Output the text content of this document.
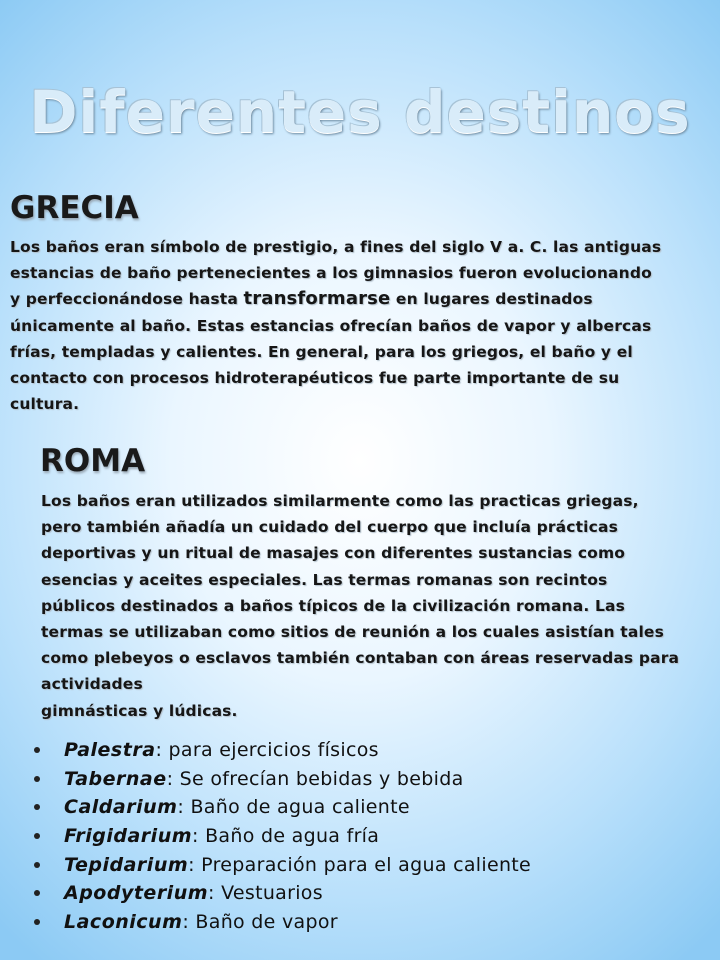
Diferentes destinos
GRECIA

Los baños eran símbolo de prestigio, a fines del siglo V a. C. las antiguas
estancias de baño pertenecientes a los gimnasios fueron evolucionando
y perfeccionándose hasta transformarse en lugares destinados
únicamente al baño. Estas estancias ofrecían baños de vapor y albercas
frías, templadas y calientes. En general, para los griegos, el baño y el
contacto con procesos hidroterapéuticos fue parte importante de su
cultura.

ROMA

Los baños eran utilizados similarmente como las practicas griegas,
pero también añadía un cuidado del cuerpo que incluía prácticas
deportivas y un ritual de masajes con diferentes sustancias como
esencias y aceites especiales. Las termas romanas son recintos
públicos destinados a baños típicos de la civilización romana. Las
termas se utilizaban como sitios de reunión a los cuales asistían tales
como plebeyos o esclavos también contaban con áreas reservadas para
actividades
gimnásticas y lúdicas.

Palestra: para ejercicios físicos
Tabernae: Se ofrecían bebidas y bebida
Caldarium: Baño de agua caliente
Frigidarium: Baño de agua fría
Tepidarium: Preparación para el agua caliente
Apodyterium: Vestuarios
Laconicum: Baño de vapor
